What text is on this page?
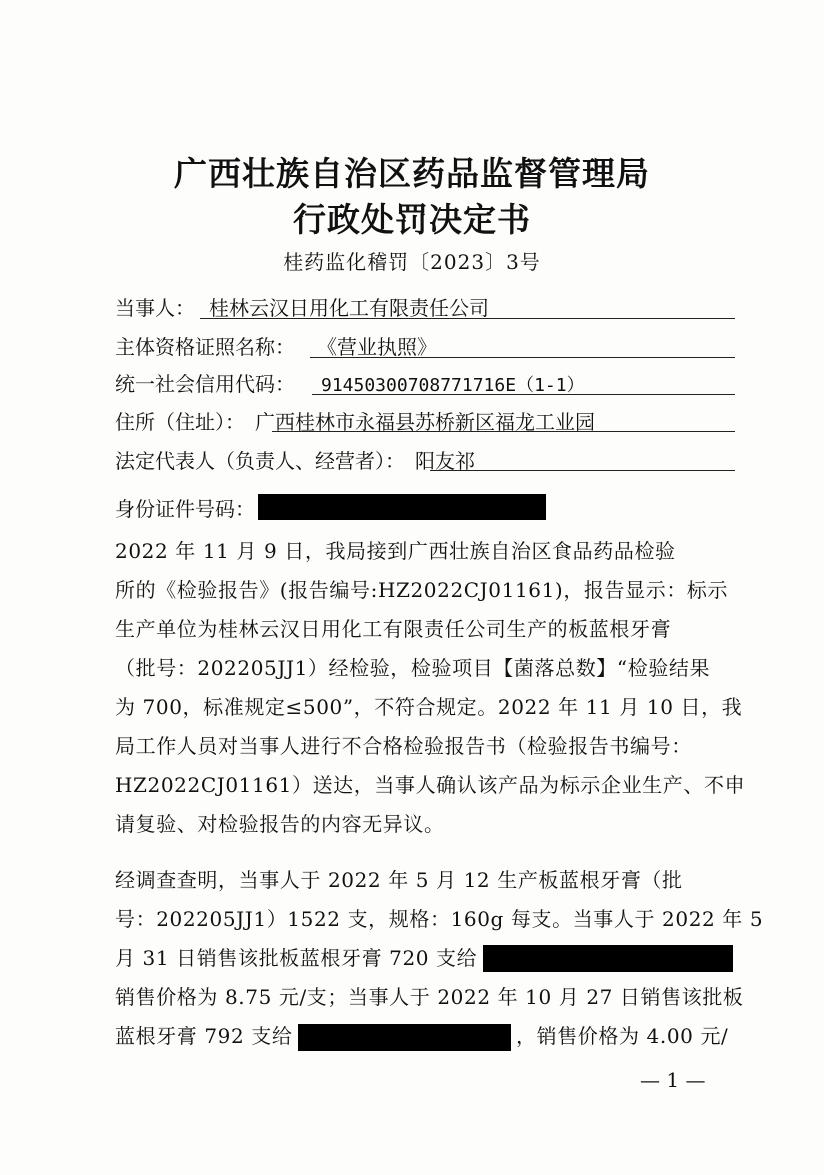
广西壮族自治区药品监督管理局
行政处罚决定书
桂药监化稽罚〔2023〕3号
当事人： 桂林云汉日用化工有限责任公司
主体资格证照名称： 《营业执照》
统一社会信用代码： 91450300708771716E（1-1）
住所（住址）： 广西桂林市永福县苏桥新区福龙工业园
法定代表人（负责人、经营者）： 阳友祁
身份证件号码：
2022 年 11 月 9 日，我局接到广西壮族自治区食品药品检验
所的《检验报告》(报告编号:HZ2022CJ01161)，报告显示：标示
生产单位为桂林云汉日用化工有限责任公司生产的板蓝根牙膏
（批号：202205JJ1）经检验，检验项目【菌落总数】“检验结果
为 700，标准规定≤500”，不符合规定。2022 年 11 月 10 日，我
局工作人员对当事人进行不合格检验报告书（检验报告书编号：
HZ2022CJ01161）送达，当事人确认该产品为标示企业生产、不申
请复验、对检验报告的内容无异议。
经调查查明，当事人于 2022 年 5 月 12 生产板蓝根牙膏（批
号：202205JJ1）1522 支，规格：160g 每支。当事人于 2022 年 5
月 31 日销售该批板蓝根牙膏 720 支给
销售价格为 8.75 元/支；当事人于 2022 年 10 月 27 日销售该批板
蓝根牙膏 792 支给	，销售价格为 4.00 元/
— 1 —
